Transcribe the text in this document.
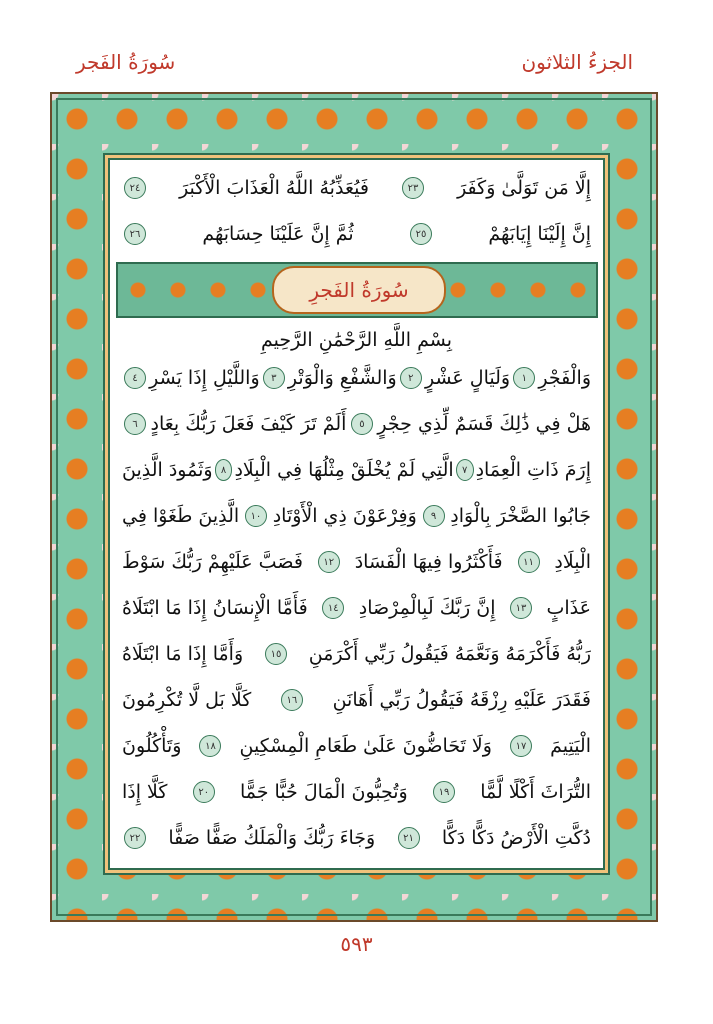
الجزءُ الثلاثون
سُورَةُ الفَجر
إِلَّا مَن تَوَلَّىٰ وَكَفَرَ
٢٣
فَيُعَذِّبُهُ اللَّهُ الْعَذَابَ الْأَكْبَرَ
٢٤
إِنَّ إِلَيْنَا إِيَابَهُمْ
٢٥
ثُمَّ إِنَّ عَلَيْنَا حِسَابَهُم
٢٦
بِسْمِ اللَّهِ الرَّحْمَٰنِ الرَّحِيمِ
وَالْفَجْرِ
١
وَلَيَالٍ عَشْرٍ
٢
وَالشَّفْعِ وَالْوَتْرِ
٣
وَاللَّيْلِ إِذَا يَسْرِ
٤
هَلْ فِي ذَٰلِكَ قَسَمٌ لِّذِي حِجْرٍ
٥
أَلَمْ تَرَ كَيْفَ فَعَلَ رَبُّكَ بِعَادٍ
٦
إِرَمَ ذَاتِ الْعِمَادِ
٧
الَّتِي لَمْ يُخْلَقْ مِثْلُهَا فِي الْبِلَادِ
٨
وَثَمُودَ الَّذِينَ
جَابُوا الصَّخْرَ بِالْوَادِ
٩
وَفِرْعَوْنَ ذِي الْأَوْتَادِ
١٠
الَّذِينَ طَغَوْا فِي
الْبِلَادِ
١١
فَأَكْثَرُوا فِيهَا الْفَسَادَ
١٢
فَصَبَّ عَلَيْهِمْ رَبُّكَ سَوْطَ
عَذَابٍ
١٣
إِنَّ رَبَّكَ لَبِالْمِرْصَادِ
١٤
فَأَمَّا الْإِنسَانُ إِذَا مَا ابْتَلَاهُ
رَبُّهُ فَأَكْرَمَهُ وَنَعَّمَهُ فَيَقُولُ رَبِّي أَكْرَمَنِ
١٥
وَأَمَّا إِذَا مَا ابْتَلَاهُ
فَقَدَرَ عَلَيْهِ رِزْقَهُ فَيَقُولُ رَبِّي أَهَانَنِ
١٦
كَلَّا بَل لَّا تُكْرِمُونَ
الْيَتِيمَ
١٧
وَلَا تَحَاضُّونَ عَلَىٰ طَعَامِ الْمِسْكِينِ
١٨
وَتَأْكُلُونَ
التُّرَاثَ أَكْلًا لَّمًّا
١٩
وَتُحِبُّونَ الْمَالَ حُبًّا جَمًّا
٢٠
كَلَّا إِذَا
دُكَّتِ الْأَرْضُ دَكًّا دَكًّا
٢١
وَجَاءَ رَبُّكَ وَالْمَلَكُ صَفًّا صَفًّا
٢٢
سُورَةُ الفَجرِ
٥٩٣
